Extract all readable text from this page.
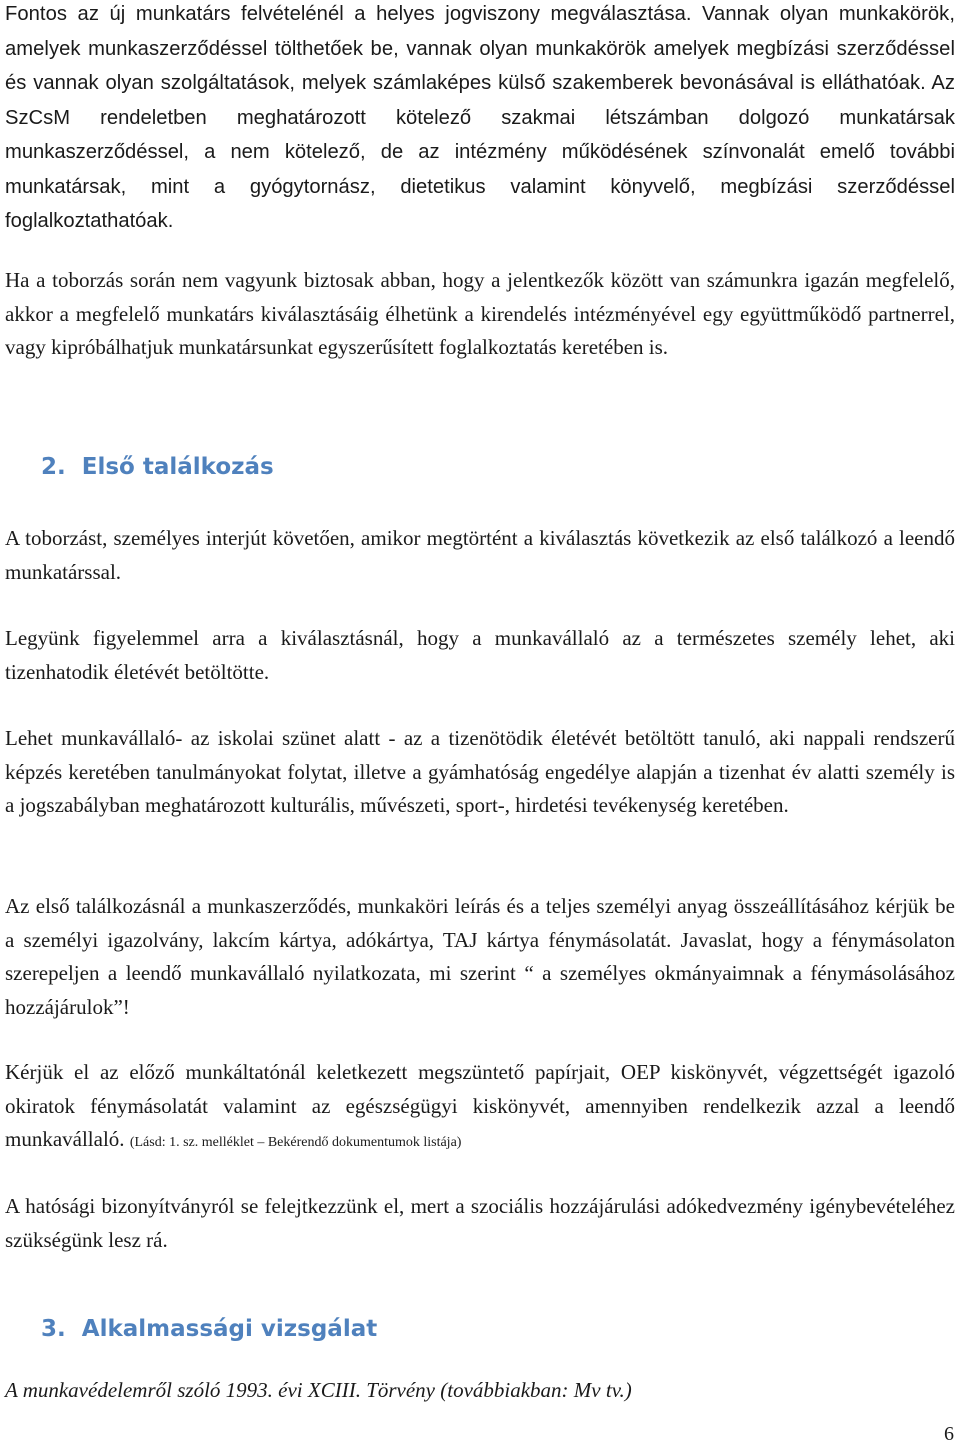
Fontos az új munkatárs felvételénél a helyes jogviszony megválasztása. Vannak olyan munkakörök, amelyek munkaszerződéssel tölthetőek be, vannak olyan munkakörök amelyek megbízási szerződéssel és vannak olyan szolgáltatások, melyek számlaképes külső szakemberek bevonásával is elláthatóak. Az SzCsM rendeletben meghatározott kötelező szakmai létszámban dolgozó munkatársak munkaszerződéssel, a nem kötelező, de az intézmény működésének színvonalát emelő további munkatársak, mint a gyógytornász, dietetikus valamint könyvelő, megbízási szerződéssel foglalkoztathatóak.

Ha a toborzás során nem vagyunk biztosak abban, hogy a jelentkezők között van számunkra igazán megfelelő, akkor a megfelelő munkatárs kiválasztásáig élhetünk a kirendelés intézményével egy együttműködő partnerrel, vagy kipróbálhatjuk munkatársunkat egyszerűsített foglalkoztatás keretében is.

2. Első találkozás

A toborzást, személyes interjút követően, amikor megtörtént a kiválasztás következik az első találkozó a leendő munkatárssal.

Legyünk figyelemmel arra a kiválasztásnál, hogy a munkavállaló az a természetes személy lehet, aki tizenhatodik életévét betöltötte.

Lehet munkavállaló- az iskolai szünet alatt - az a tizenötödik életévét betöltött tanuló, aki nappali rendszerű képzés keretében tanulmányokat folytat, illetve a gyámhatóság engedélye alapján a tizenhat év alatti személy is a jogszabályban meghatározott kulturális, művészeti, sport-, hirdetési tevékenység keretében.

Az első találkozásnál a munkaszerződés, munkaköri leírás és a teljes személyi anyag összeállításához kérjük be a személyi igazolvány, lakcím kártya, adókártya, TAJ kártya fénymásolatát. Javaslat, hogy a fénymásolaton szerepeljen a leendő munkavállaló nyilatkozata, mi szerint “ a személyes okmányaimnak a fénymásolásához hozzájárulok”!

Kérjük el az előző munkáltatónál keletkezett megszüntető papírjait, OEP kiskönyvét, végzettségét igazoló okiratok fénymásolatát valamint az egészségügyi kiskönyvét, amennyiben rendelkezik azzal a leendő munkavállaló. (Lásd: 1. sz. melléklet – Bekérendő dokumentumok listája)

A hatósági bizonyítványról se felejtkezzünk el, mert a szociális hozzájárulási adókedvezmény igénybevételéhez szükségünk lesz rá.

3. Alkalmassági vizsgálat

A munkavédelemről szóló 1993. évi XCIII. Törvény (továbbiakban: Mv tv.)

6
